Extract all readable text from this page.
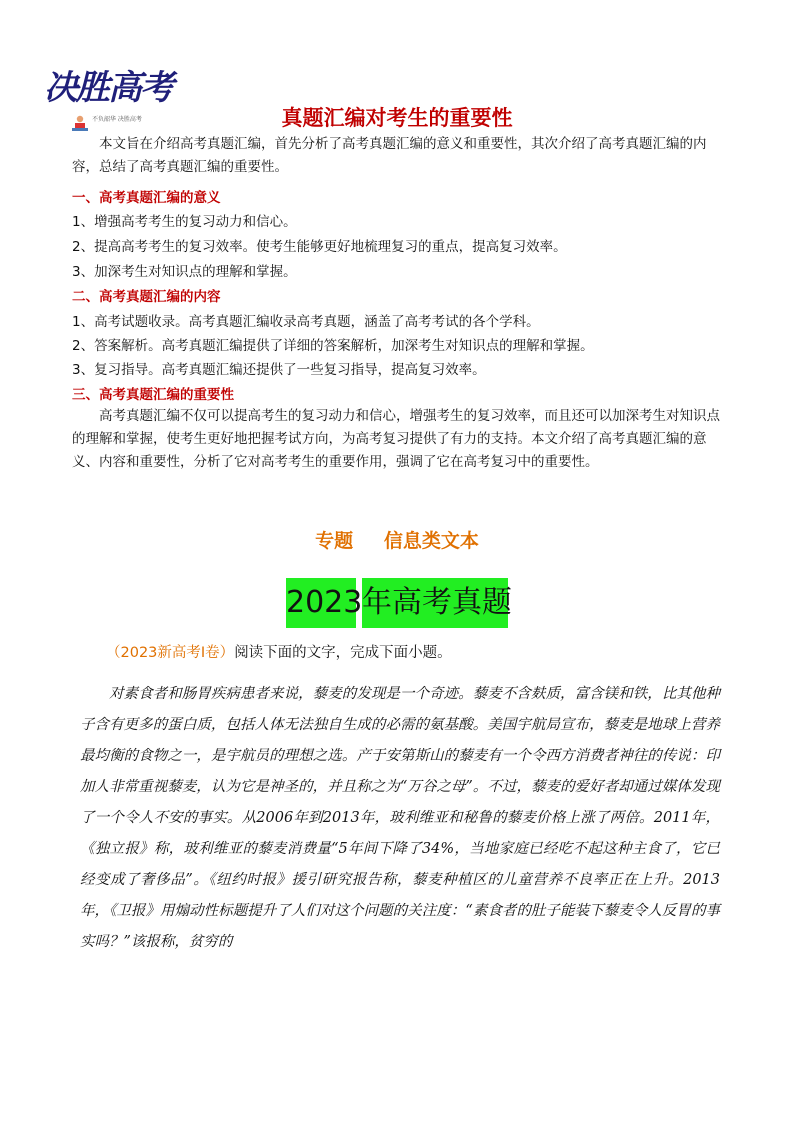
决胜高考
不负韶华 决胜高考	真题汇编对考生的重要性
本文旨在介绍高考真题汇编，首先分析了高考真题汇编的意义和重要性，其次介绍了高考真题汇编的内容，总结了高考真题汇编的重要性。
一、高考真题汇编的意义
1、增强高考考生的复习动力和信心。
2、提高高考考生的复习效率。使考生能够更好地梳理复习的重点，提高复习效率。
3、加深考生对知识点的理解和掌握。
二、高考真题汇编的内容
1、高考试题收录。高考真题汇编收录高考真题，涵盖了高考考试的各个学科。
2、答案解析。高考真题汇编提供了详细的答案解析，加深考生对知识点的理解和掌握。
3、复习指导。高考真题汇编还提供了一些复习指导，提高复习效率。
三、高考真题汇编的重要性
高考真题汇编不仅可以提高考生的复习动力和信心，增强考生的复习效率，而且还可以加深考生对知识点的理解和掌握，使考生更好地把握考试方向，为高考复习提供了有力的支持。本文介绍了高考真题汇编的意义、内容和重要性，分析了它对高考考生的重要作用，强调了它在高考复习中的重要性。
专题 信息类文本
2023 年高考真题
（2023新高考Ⅰ卷）阅读下面的文字，完成下面小题。

对素食者和肠胃疾病患者来说，藜麦的发现是一个奇迹。藜麦不含麸质，富含镁和铁，比其他种子含有更多的蛋白质，包括人体无法独自生成的必需的氨基酸。美国宇航局宣布，藜麦是地球上营养最均衡的食物之一，是宇航员的理想之选。产于安第斯山的藜麦有一个令西方消费者神往的传说：印加人非常重视藜麦，认为它是神圣的，并且称之为“万谷之母”。不过，藜麦的爱好者却通过媒体发现了一个令人不安的事实。从2006年到2013年，玻利维亚和秘鲁的藜麦价格上涨了两倍。2011年，《独立报》称，玻利维亚的藜麦消费量“5年间下降了34%，当地家庭已经吃不起这种主食了，它已经变成了奢侈品”。《纽约时报》援引研究报告称，藜麦种植区的儿童营养不良率正在上升。2013年，《卫报》用煽动性标题提升了人们对这个问题的关注度：“素食者的肚子能装下藜麦令人反胃的事实吗？”该报称，贫穷的
